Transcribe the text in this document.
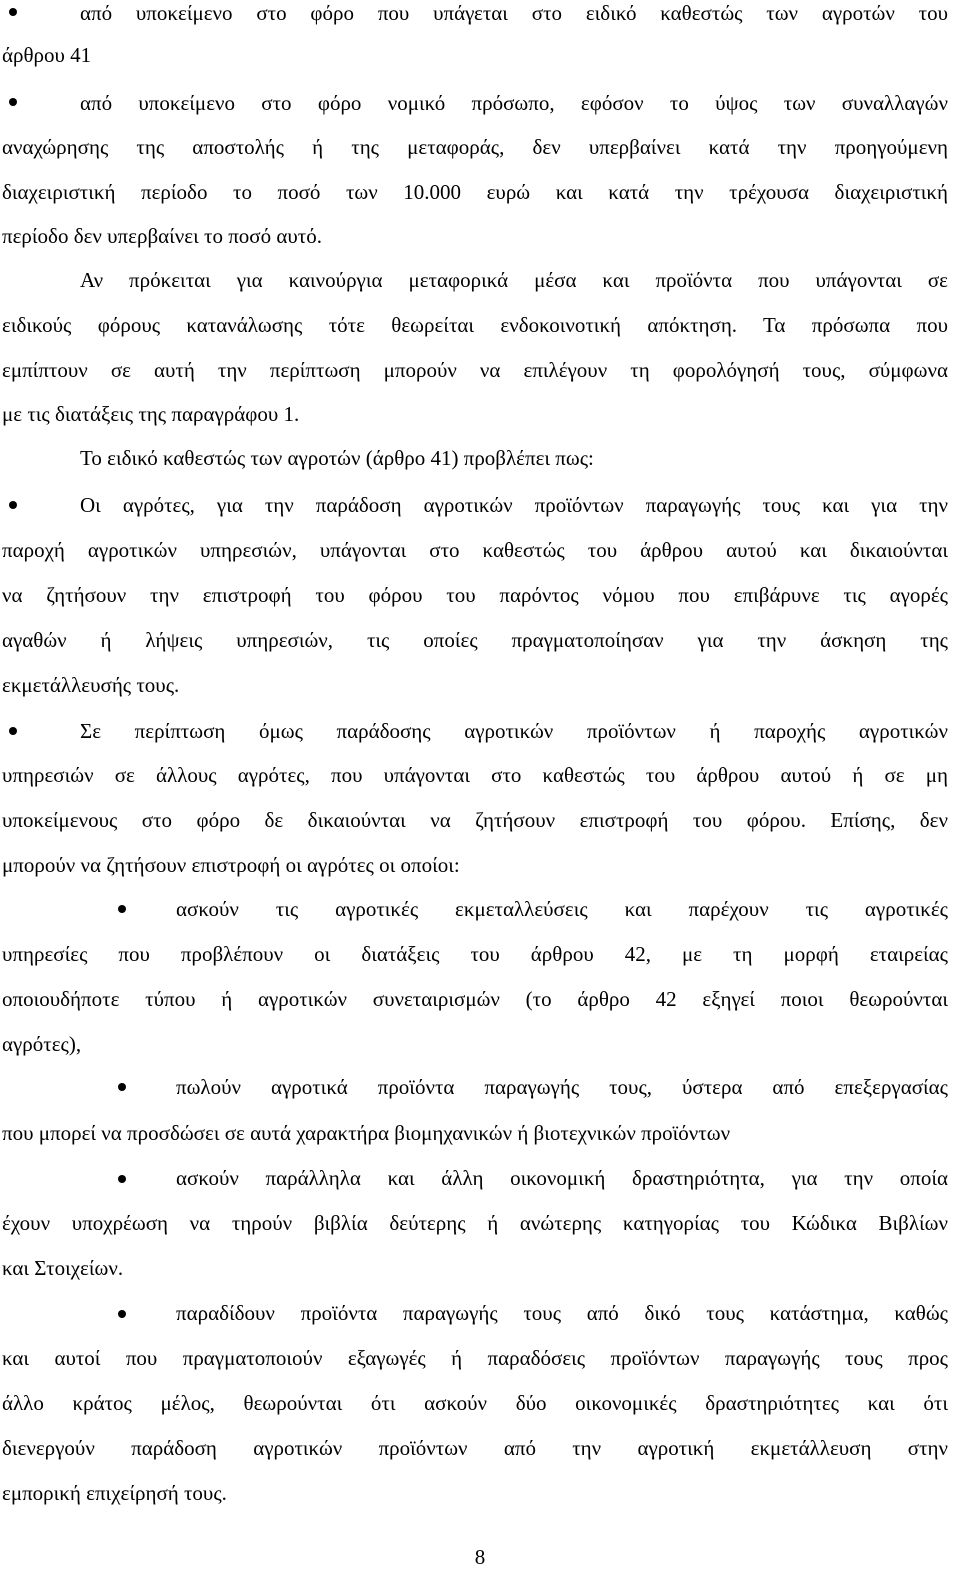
από υποκείμενο στο φόρο που υπάγεται στο ειδικό καθεστώς των αγροτών του
άρθρου 41
από υποκείμενο στο φόρο νομικό πρόσωπο, εφόσον το ύψος των συναλλαγών
αναχώρησης της αποστολής ή της μεταφοράς, δεν υπερβαίνει κατά την προηγούμενη
διαχειριστική περίοδο το ποσό των 10.000 ευρώ και κατά την τρέχουσα διαχειριστική
περίοδο δεν υπερβαίνει το ποσό αυτό.
Αν πρόκειται για καινούργια μεταφορικά μέσα και προϊόντα που υπάγονται σε
ειδικούς φόρους κατανάλωσης τότε θεωρείται ενδοκοινοτική απόκτηση. Τα πρόσωπα που
εμπίπτουν σε αυτή την περίπτωση μπορούν να επιλέγουν τη φορολόγησή τους, σύμφωνα
με τις διατάξεις της παραγράφου 1.
Το ειδικό καθεστώς των αγροτών (άρθρο 41) προβλέπει πως:
Οι αγρότες, για την παράδοση αγροτικών προϊόντων παραγωγής τους και για την
παροχή αγροτικών υπηρεσιών, υπάγονται στο καθεστώς του άρθρου αυτού και δικαιούνται
να ζητήσουν την επιστροφή του φόρου του παρόντος νόμου που επιβάρυνε τις αγορές
αγαθών ή λήψεις υπηρεσιών, τις οποίες πραγματοποίησαν για την άσκηση της
εκμετάλλευσής τους.
Σε περίπτωση όμως παράδοσης αγροτικών προϊόντων ή παροχής αγροτικών
υπηρεσιών σε άλλους αγρότες, που υπάγονται στο καθεστώς του άρθρου αυτού ή σε μη
υποκείμενους στο φόρο δε δικαιούνται να ζητήσουν επιστροφή του φόρου. Επίσης, δεν
μπορούν να ζητήσουν επιστροφή οι αγρότες οι οποίοι:
ασκούν τις αγροτικές εκμεταλλεύσεις και παρέχουν τις αγροτικές
υπηρεσίες που προβλέπουν οι διατάξεις του άρθρου 42, με τη μορφή εταιρείας
οποιουδήποτε τύπου ή αγροτικών συνεταιρισμών (το άρθρο 42 εξηγεί ποιοι θεωρούνται
αγρότες),
πωλούν αγροτικά προϊόντα παραγωγής τους, ύστερα από επεξεργασίας
που μπορεί να προσδώσει σε αυτά χαρακτήρα βιομηχανικών ή βιοτεχνικών προϊόντων
ασκούν παράλληλα και άλλη οικονομική δραστηριότητα, για την οποία
έχουν υποχρέωση να τηρούν βιβλία δεύτερης ή ανώτερης κατηγορίας του Κώδικα Βιβλίων
και Στοιχείων.
παραδίδουν προϊόντα παραγωγής τους από δικό τους κατάστημα, καθώς
και αυτοί που πραγματοποιούν εξαγωγές ή παραδόσεις προϊόντων παραγωγής τους προς
άλλο κράτος μέλος, θεωρούνται ότι ασκούν δύο οικονομικές δραστηριότητες και ότι
διενεργούν παράδοση αγροτικών προϊόντων από την αγροτική εκμετάλλευση στην
εμπορική επιχείρησή τους.
8
